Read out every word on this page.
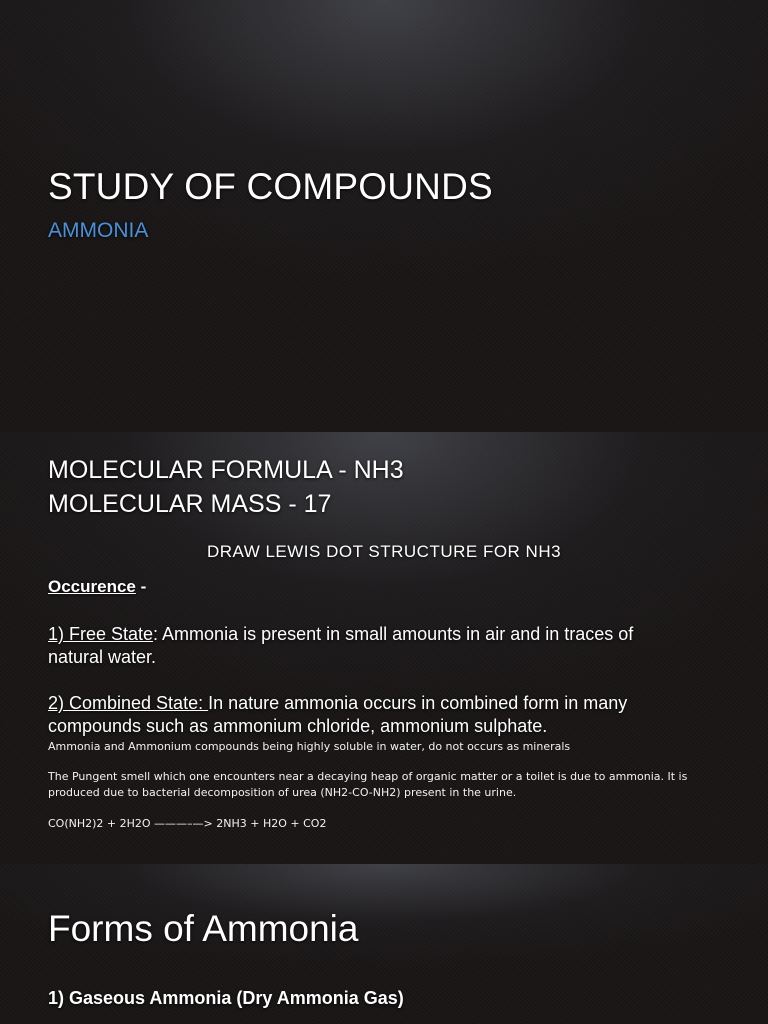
STUDY OF COMPOUNDS
AMMONIA
MOLECULAR FORMULA - NH3
MOLECULAR MASS - 17
DRAW LEWIS DOT STRUCTURE FOR NH3
Occurence -
1) Free State: Ammonia is present in small amounts in air and in traces of natural water.
2) Combined State: In nature ammonia occurs in combined form in many compounds such as ammonium chloride, ammonium sulphate.
Ammonia and Ammonium compounds being highly soluble in water, do not occurs as minerals
The Pungent smell which one encounters near a decaying heap of organic matter or a toilet is due to ammonia. It is produced due to bacterial decomposition of urea (NH2-CO-NH2) present in the urine.
CO(NH2)2 + 2H2O ———–—> 2NH3 + H2O + CO2
Forms of Ammonia
1) Gaseous Ammonia (Dry Ammonia Gas)
